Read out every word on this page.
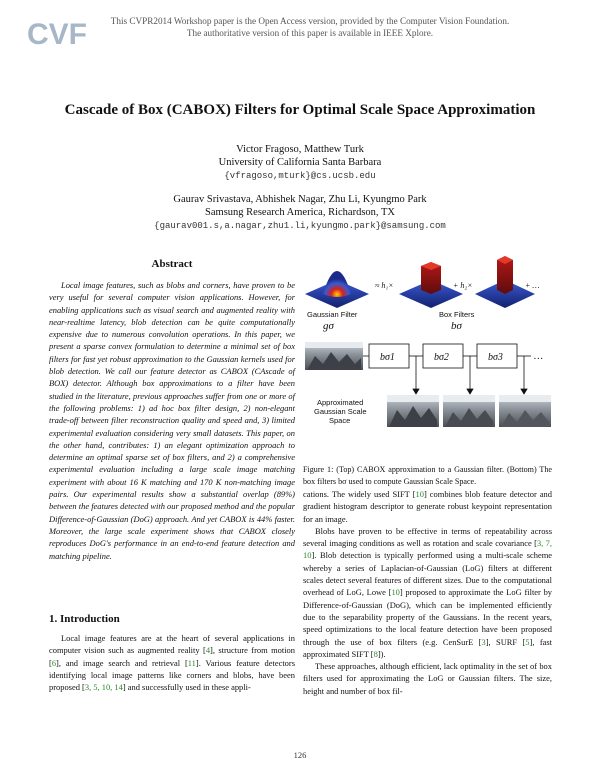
CVF	This CVPR2014 Workshop paper is the Open Access version, provided by the Computer Vision Foundation.
The authoritative version of this paper is available in IEEE Xplore.
Cascade of Box (CABOX) Filters for Optimal Scale Space Approximation
Victor Fragoso, Matthew Turk
University of California Santa Barbara
{vfragoso,mturk}@cs.ucsb.edu
Gaurav Srivastava, Abhishek Nagar, Zhu Li, Kyungmo Park
Samsung Research America, Richardson, TX
{gaurav001.s,a.nagar,zhu1.li,kyungmo.park}@samsung.com
Abstract
Local image features, such as blobs and corners, have proven to be very useful for several computer vision applications. However, for enabling applications such as visual search and augmented reality with near-realtime latency, blob detection can be quite computationally expensive due to numerous convolution operations. In this paper, we present a sparse convex formulation to determine a minimal set of box filters for fast yet robust approximation to the Gaussian kernels used for blob detection. We call our feature detector as CABOX (CAscade of BOX) detector. Although box approximations to a filter have been studied in the literature, previous approaches suffer from one or more of the following problems: 1) ad hoc box filter design, 2) non-elegant trade-off between filter reconstruction quality and speed and, 3) limited experimental evaluation considering very small datasets. This paper, on the other hand, contributes: 1) an elegant optimization approach to determine an optimal sparse set of box filters, and 2) a comprehensive experimental evaluation including a large scale image matching experiment with about 16 K matching and 170 K non-matching image pairs. Our experimental results show a substantial overlap (89%) between the features detected with our proposed method and the popular Difference-of-Gaussian (DoG) approach. And yet CABOX is 44% faster. Moreover, the large scale experiment shows that CABOX closely reproduces DoG's performance in an end-to-end feature detection and matching pipeline.
1. Introduction

Local image features are at the heart of several applications in computer vision such as augmented reality [4], structure from motion [6], and image search and retrieval [11]. Various feature detectors identifying local image patterns like corners and blobs, have been proposed [3, 5, 10, 14] and successfully used in these appli-

≈ h₁×	+ h₂×	+ …
Gaussian Filter
gσ
Box Filters
bσ
bσ1	bσ2	bσ3	…
Approximated
Gaussian Scale
Space
Figure 1: (Top) CABOX approximation to a Gaussian filter. (Bottom) The box filters bσ used to compute Gaussian Scale Space.

cations. The widely used SIFT [10] combines blob feature detector and gradient histogram descriptor to generate robust keypoint representation for an image.

Blobs have proven to be effective in terms of repeatability across several imaging conditions as well as rotation and scale covariance [3, 7, 10]. Blob detection is typically performed using a multi-scale scheme whereby a series of Laplacian-of-Gaussian (LoG) filters at different scales detect several features of different sizes. Due to the computational overhead of LoG, Lowe [10] proposed to approximate the LoG filter by Difference-of-Gaussian (DoG), which can be implemented efficiently due to the separability property of the Gaussians. In the recent years, speed optimizations to the local feature detection have been proposed through the use of box filters (e.g. CenSurE [3], SURF [5], fast approximated SIFT [8]).

These approaches, although efficient, lack optimality in the set of box filters used for approximating the LoG or Gaussian filters. The size, height and number of box fil-

126
